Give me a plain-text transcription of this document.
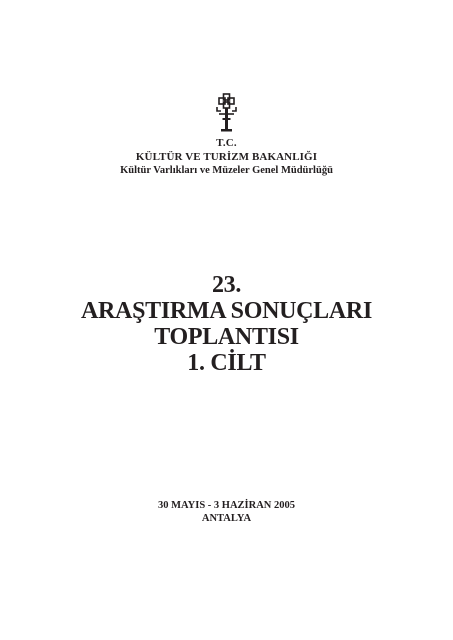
T.C.
KÜLTÜR VE TURİZM BAKANLIĞI
Kültür Varlıkları ve Müzeler Genel Müdürlüğü
23.
ARAŞTIRMA SONUÇLARI
TOPLANTISI
1. CİLT
30 MAYIS - 3 HAZİRAN 2005
ANTALYA
